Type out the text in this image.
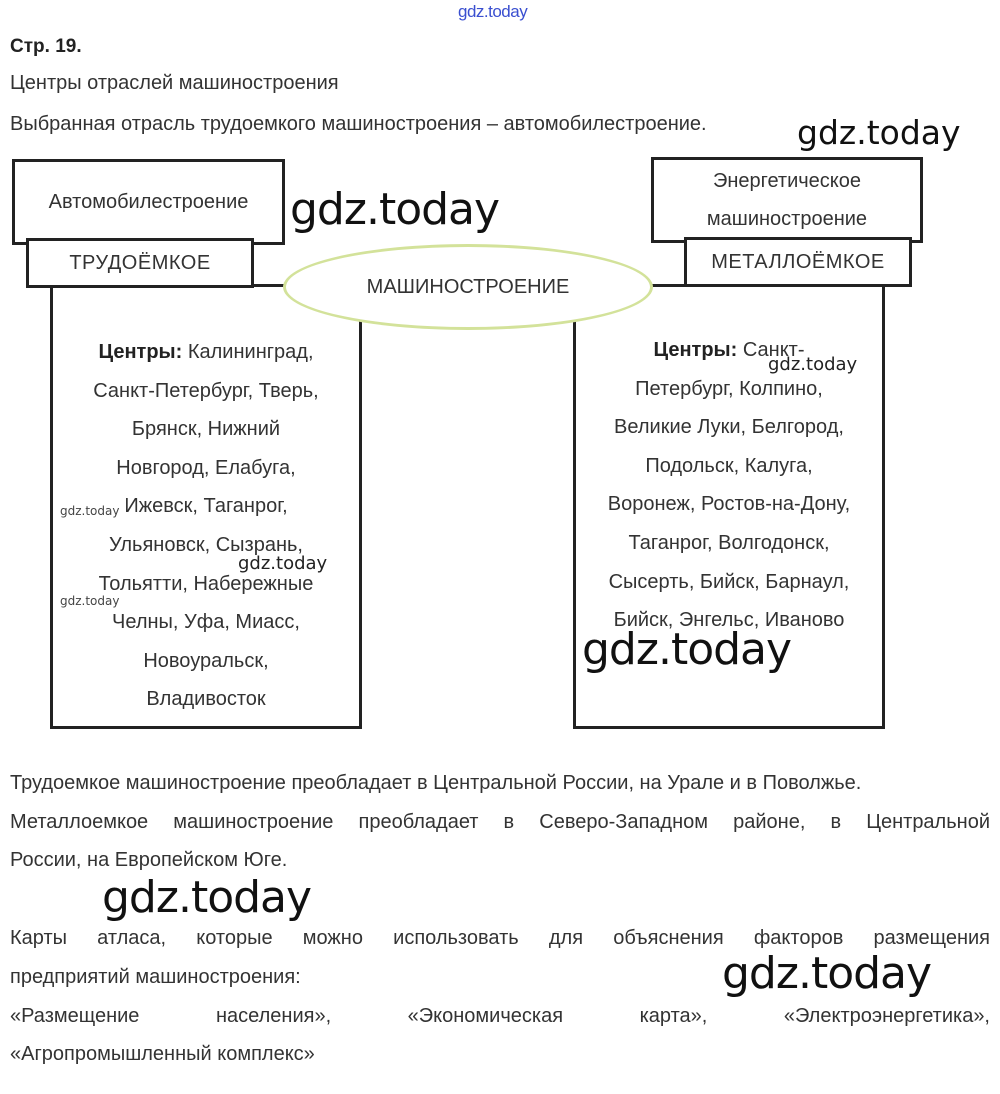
gdz.today
Стр. 19.
Центры отраслей машиностроения
Выбранная отрасль трудоемкого машиностроения – автомобилестроение.	gdz.today
Центры: Калининград,
Санкт-Петербург, Тверь,
Брянск, Нижний
Новгород, Елабуга,
Ижевск, Таганрог,
Ульяновск, Сызрань,
Тольятти, Набережные
Челны, Уфа, Миасс,
Новоуральск,
Владивосток
Автомобилестроение
ТРУДОЁМКОЕ
Центры: Санкт-
Петербург, Колпино,
Великие Луки, Белгород,
Подольск, Калуга,
Воронеж, Ростов-на-Дону,
Таганрог, Волгодонск,
Сысерть, Бийск, Барнаул,
Бийск, Энгельс, Иваново
Энергетическое
машиностроение
МЕТАЛЛОЁМКОЕ
МАШИНОСТРОЕНИЕ
gdz.today
gdz.today
gdz.today
gdz.today
gdz.today
gdz.today
Трудоемкое машиностроение преобладает в Центральной России, на Урале и в Поволжье.
Металлоемкое машиностроение преобладает в Северо-Западном районе, в Центральной
России, на Европейском Юге.
gdz.today
Карты атласа, которые можно использовать для объяснения факторов размещения
предприятий машиностроения:	gdz.today
«Размещение населения», «Экономическая карта», «Электроэнергетика»,
«Агропромышленный комплекс»
